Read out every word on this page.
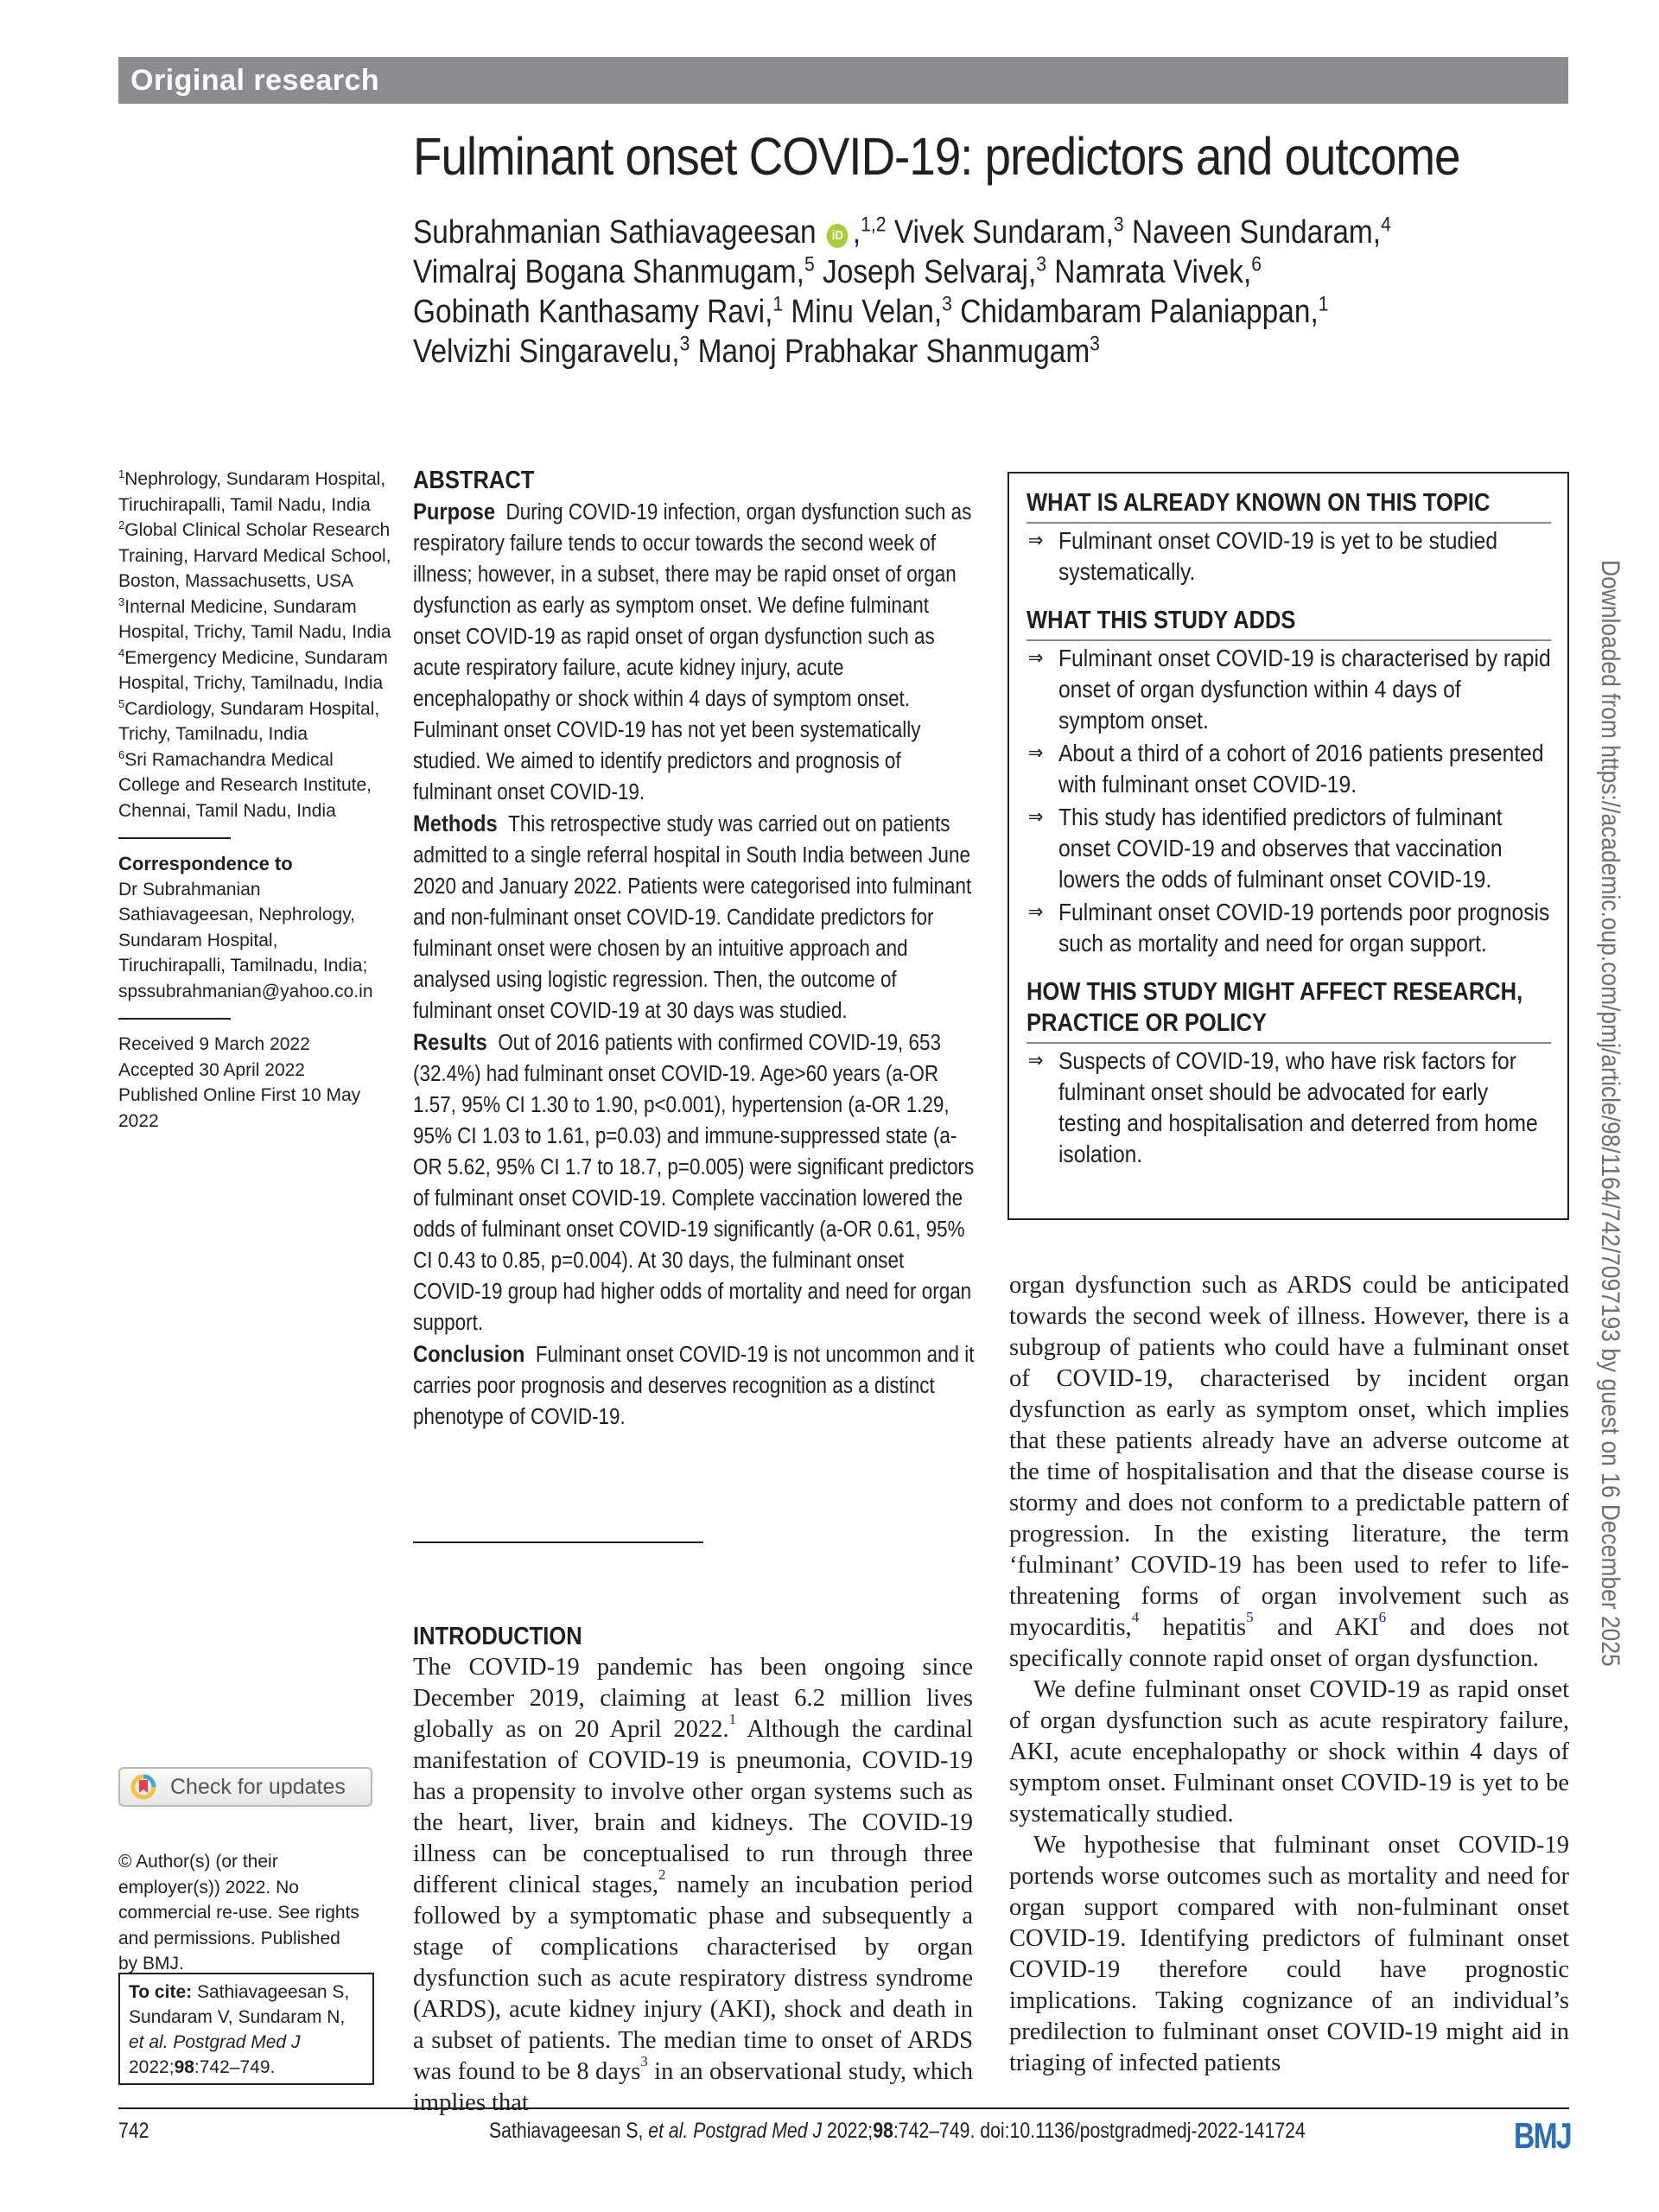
Original research
Fulminant onset COVID-19: predictors and outcome
Subrahmanian Sathiavageesan iD ,$^{1,2}$ Vivek Sundaram,$^3$ Naveen Sundaram,$^4$
Vimalraj Bogana Shanmugam,$^5$ Joseph Selvaraj,$^3$ Namrata Vivek,$^6$
Gobinath Kanthasamy Ravi,$^1$ Minu Velan,$^3$ Chidambaram Palaniappan,$^1$
Velvizhi Singaravelu,$^3$ Manoj Prabhakar Shanmugam$^3$
$^1$Nephrology, Sundaram Hospital, Tiruchirapalli, Tamil Nadu, India
$^2$Global Clinical Scholar Research Training, Harvard Medical School, Boston, Massachusetts, USA
$^3$Internal Medicine, Sundaram Hospital, Trichy, Tamil Nadu, India
$^4$Emergency Medicine, Sundaram Hospital, Trichy, Tamilnadu, India
$^5$Cardiology, Sundaram Hospital, Trichy, Tamilnadu, India
$^6$Sri Ramachandra Medical College and Research Institute, Chennai, Tamil Nadu, India
Correspondence to
Dr Subrahmanian
Sathiavageesan, Nephrology,
Sundaram Hospital,
Tiruchirapalli, Tamilnadu, India;
spssubrahmanian@yahoo.co.in
Received 9 March 2022
Accepted 30 April 2022
Published Online First 10 May
2022
Check for updates
© Author(s) (or their
employer(s)) 2022. No
commercial re-use. See rights
and permissions. Published
by BMJ.
To cite: Sathiavageesan S,
Sundaram V, Sundaram N,
et al. Postgrad Med J
2022;98:742–749.
ABSTRACT

Purpose During COVID-19 infection, organ dysfunction such as respiratory failure tends to occur towards the second week of illness; however, in a subset, there may be rapid onset of organ dysfunction as early as symptom onset. We define fulminant onset COVID-19 as rapid onset of organ dysfunction such as acute respiratory failure, acute kidney injury, acute encephalopathy or shock within 4 days of symptom onset. Fulminant onset COVID-19 has not yet been systematically studied. We aimed to identify predictors and prognosis of fulminant onset COVID-19.

Methods This retrospective study was carried out on patients admitted to a single referral hospital in South India between June 2020 and January 2022. Patients were categorised into fulminant and non-fulminant onset COVID-19. Candidate predictors for fulminant onset were chosen by an intuitive approach and analysed using logistic regression. Then, the outcome of fulminant onset COVID-19 at 30 days was studied.

Results Out of 2016 patients with confirmed COVID-19, 653 (32.4%) had fulminant onset COVID-19. Age>60 years (a-OR 1.57, 95% CI 1.30 to 1.90, p<0.001), hypertension (a-OR 1.29, 95% CI 1.03 to 1.61, p=0.03) and immune-suppressed state (a-OR 5.62, 95% CI 1.7 to 18.7, p=0.005) were significant predictors of fulminant onset COVID-19. Complete vaccination lowered the odds of fulminant onset COVID-19 significantly (a-OR 0.61, 95% CI 0.43 to 0.85, p=0.004). At 30 days, the fulminant onset COVID-19 group had higher odds of mortality and need for organ support.

Conclusion Fulminant onset COVID-19 is not uncommon and it carries poor prognosis and deserves recognition as a distinct phenotype of COVID-19.

WHAT IS ALREADY KNOWN ON THIS TOPIC
⇒ Fulminant onset COVID-19 is yet to be studied systematically.
WHAT THIS STUDY ADDS
⇒ Fulminant onset COVID-19 is characterised by rapid onset of organ dysfunction within 4 days of symptom onset.
⇒ About a third of a cohort of 2016 patients presented with fulminant onset COVID-19.
⇒ This study has identified predictors of fulminant onset COVID-19 and observes that vaccination lowers the odds of fulminant onset COVID-19.
⇒ Fulminant onset COVID-19 portends poor prognosis such as mortality and need for organ support.
HOW THIS STUDY MIGHT AFFECT RESEARCH, PRACTICE OR POLICY
⇒ Suspects of COVID-19, who have risk factors for fulminant onset should be advocated for early testing and hospitalisation and deterred from home isolation.
INTRODUCTION

The COVID-19 pandemic has been ongoing since December 2019, claiming at least 6.2 million lives globally as on 20 April 2022.$^1$ Although the cardinal manifestation of COVID-19 is pneumonia, COVID-19 has a propensity to involve other organ systems such as the heart, liver, brain and kidneys. The COVID-19 illness can be conceptualised to run through three different clinical stages,$^2$ namely an incubation period followed by a symptomatic phase and subsequently a stage of complications characterised by organ dysfunction such as acute respiratory distress syndrome (ARDS), acute kidney injury (AKI), shock and death in a subset of patients. The median time to onset of ARDS was found to be 8 days$^3$ in an observational study, which implies that

organ dysfunction such as ARDS could be anticipated towards the second week of illness. However, there is a subgroup of patients who could have a fulminant onset of COVID-19, characterised by incident organ dysfunction as early as symptom onset, which implies that these patients already have an adverse outcome at the time of hospitalisation and that the disease course is stormy and does not conform to a predictable pattern of progression. In the existing literature, the term ‘fulminant’ COVID-19 has been used to refer to life-threatening forms of organ involvement such as myocarditis,$^4$ hepatitis$^5$ and AKI$^6$ and does not specifically connote rapid onset of organ dysfunction.

We define fulminant onset COVID-19 as rapid onset of organ dysfunction such as acute respiratory failure, AKI, acute encephalopathy or shock within 4 days of symptom onset. Fulminant onset COVID-19 is yet to be systematically studied.

We hypothesise that fulminant onset COVID-19 portends worse outcomes such as mortality and need for organ support compared with non-fulminant onset COVID-19. Identifying predictors of fulminant onset COVID-19 therefore could have prognostic implications. Taking cognizance of an individual’s predilection to fulminant onset COVID-19 might aid in triaging of infected patients

742	Sathiavageesan S, et al. Postgrad Med J 2022;98:742–749. doi:10.1136/postgradmedj-2022-141724	BMJ
Downloaded from https://academic.oup.com/pmj/article/98/1164/742/7097193 by guest on 16 December 2025
